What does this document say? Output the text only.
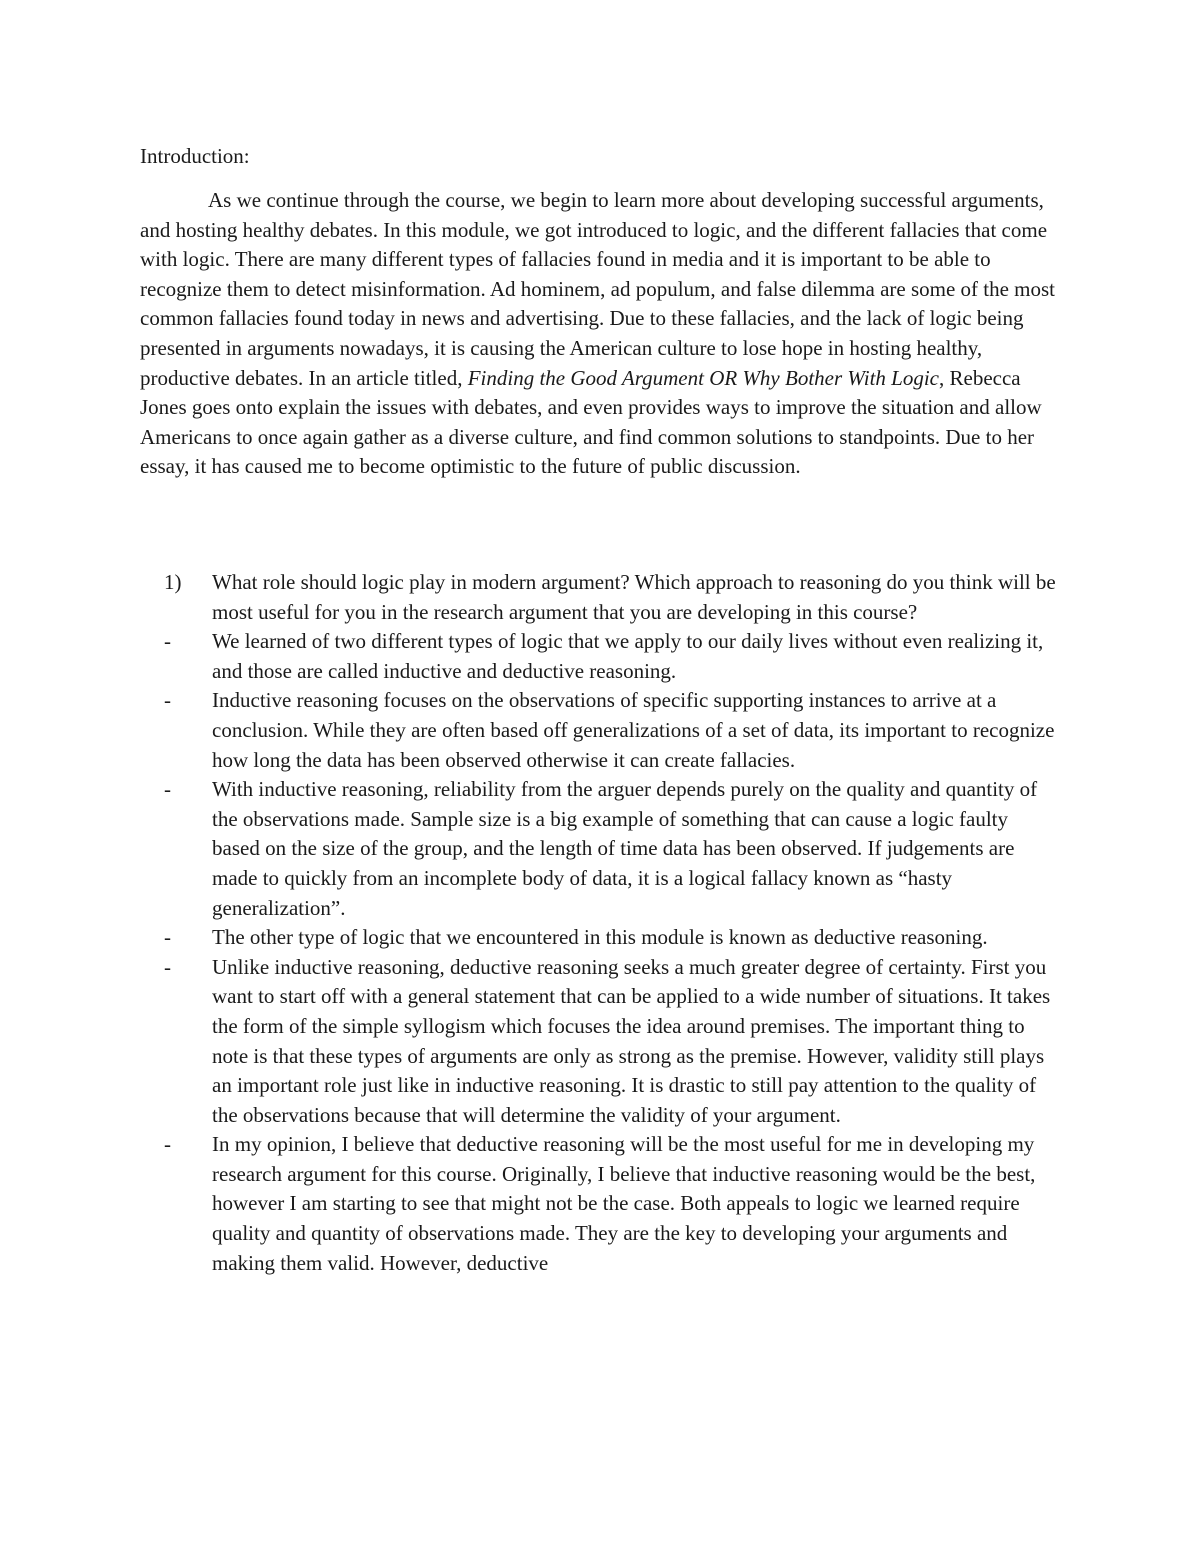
Introduction:

As we continue through the course, we begin to learn more about developing successful arguments, and hosting healthy debates. In this module, we got introduced to logic, and the different fallacies that come with logic. There are many different types of fallacies found in media and it is important to be able to recognize them to detect misinformation. Ad hominem, ad populum, and false dilemma are some of the most common fallacies found today in news and advertising. Due to these fallacies, and the lack of logic being presented in arguments nowadays, it is causing the American culture to lose hope in hosting healthy, productive debates. In an article titled, Finding the Good Argument OR Why Bother With Logic, Rebecca Jones goes onto explain the issues with debates, and even provides ways to improve the situation and allow Americans to once again gather as a diverse culture, and find common solutions to standpoints. Due to her essay, it has caused me to become optimistic to the future of public discussion.

1)	What role should logic play in modern argument? Which approach to reasoning do you think will be most useful for you in the research argument that you are developing in this course?
-	We learned of two different types of logic that we apply to our daily lives without even realizing it, and those are called inductive and deductive reasoning.
-	Inductive reasoning focuses on the observations of specific supporting instances to arrive at a conclusion. While they are often based off generalizations of a set of data, its important to recognize how long the data has been observed otherwise it can create fallacies.
-	With inductive reasoning, reliability from the arguer depends purely on the quality and quantity of the observations made. Sample size is a big example of something that can cause a logic faulty based on the size of the group, and the length of time data has been observed. If judgements are made to quickly from an incomplete body of data, it is a logical fallacy known as “hasty generalization”.
-	The other type of logic that we encountered in this module is known as deductive reasoning.
-	Unlike inductive reasoning, deductive reasoning seeks a much greater degree of certainty. First you want to start off with a general statement that can be applied to a wide number of situations. It takes the form of the simple syllogism which focuses the idea around premises. The important thing to note is that these types of arguments are only as strong as the premise. However, validity still plays an important role just like in inductive reasoning. It is drastic to still pay attention to the quality of the observations because that will determine the validity of your argument.
-	In my opinion, I believe that deductive reasoning will be the most useful for me in developing my research argument for this course. Originally, I believe that inductive reasoning would be the best, however I am starting to see that might not be the case. Both appeals to logic we learned require quality and quantity of observations made. They are the key to developing your arguments and making them valid. However, deductive
